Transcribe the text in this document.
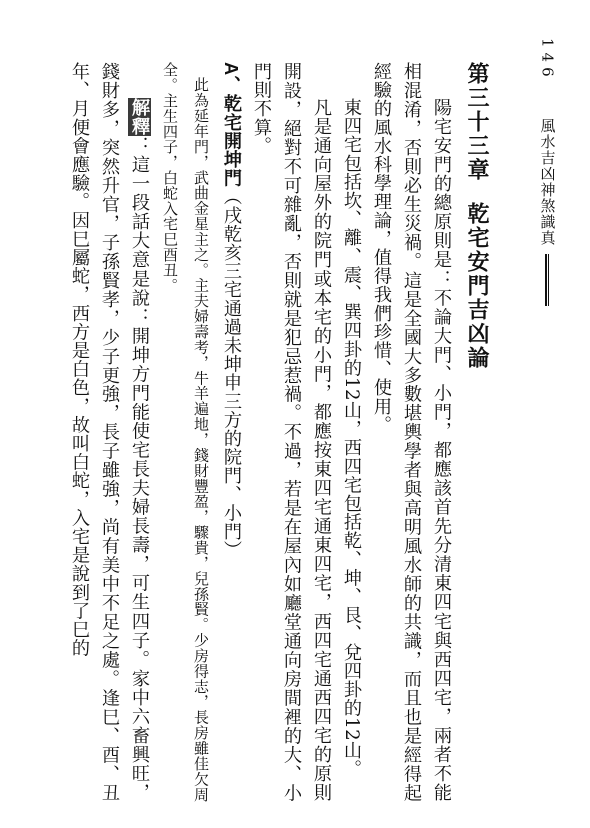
146
風水吉凶神煞識真

第三十三章乾宅安門吉凶論

陽宅安門的總原則是：不論大門、小門，都應該首先分清東四宅與西四宅，兩者不能相混淆，否則必生災禍。這是全國大多數堪輿學者與高明風水師的共識，而且也是經得起經驗的風水科學理論，值得我們珍惜、使用。

東四宅包括坎、離、震、巽四卦的12山，西四宅包括乾、坤、艮、兌四卦的12山。

凡是通向屋外的院門或本宅的小門，都應按東四宅通東四宅，西四宅通西四宅的原則開設，絕對不可雜亂，否則就是犯忌惹禍。不過，若是在屋內如廳堂通向房間裡的大、小門則不算。

A、乾宅開坤門（戌乾亥三宅通過未坤申三方的院門、小門）

此為延年門，武曲金星主之。主夫婦壽考，牛羊遍地，錢財豐盈，驟貴，兒孫賢。少房得志，長房雖佳欠周全。主生四子，白蛇入宅巳酉丑。

解釋：這一段話大意是說：開坤方門能使宅長夫婦長壽，可生四子。家中六畜興旺，錢財多，突然升官，子孫賢孝，少子更強，長子雖強，尚有美中不足之處。逢巳、酉、丑年、月便會應驗。因巳屬蛇，西方是白色，故叫白蛇，入宅是說到了巳的
